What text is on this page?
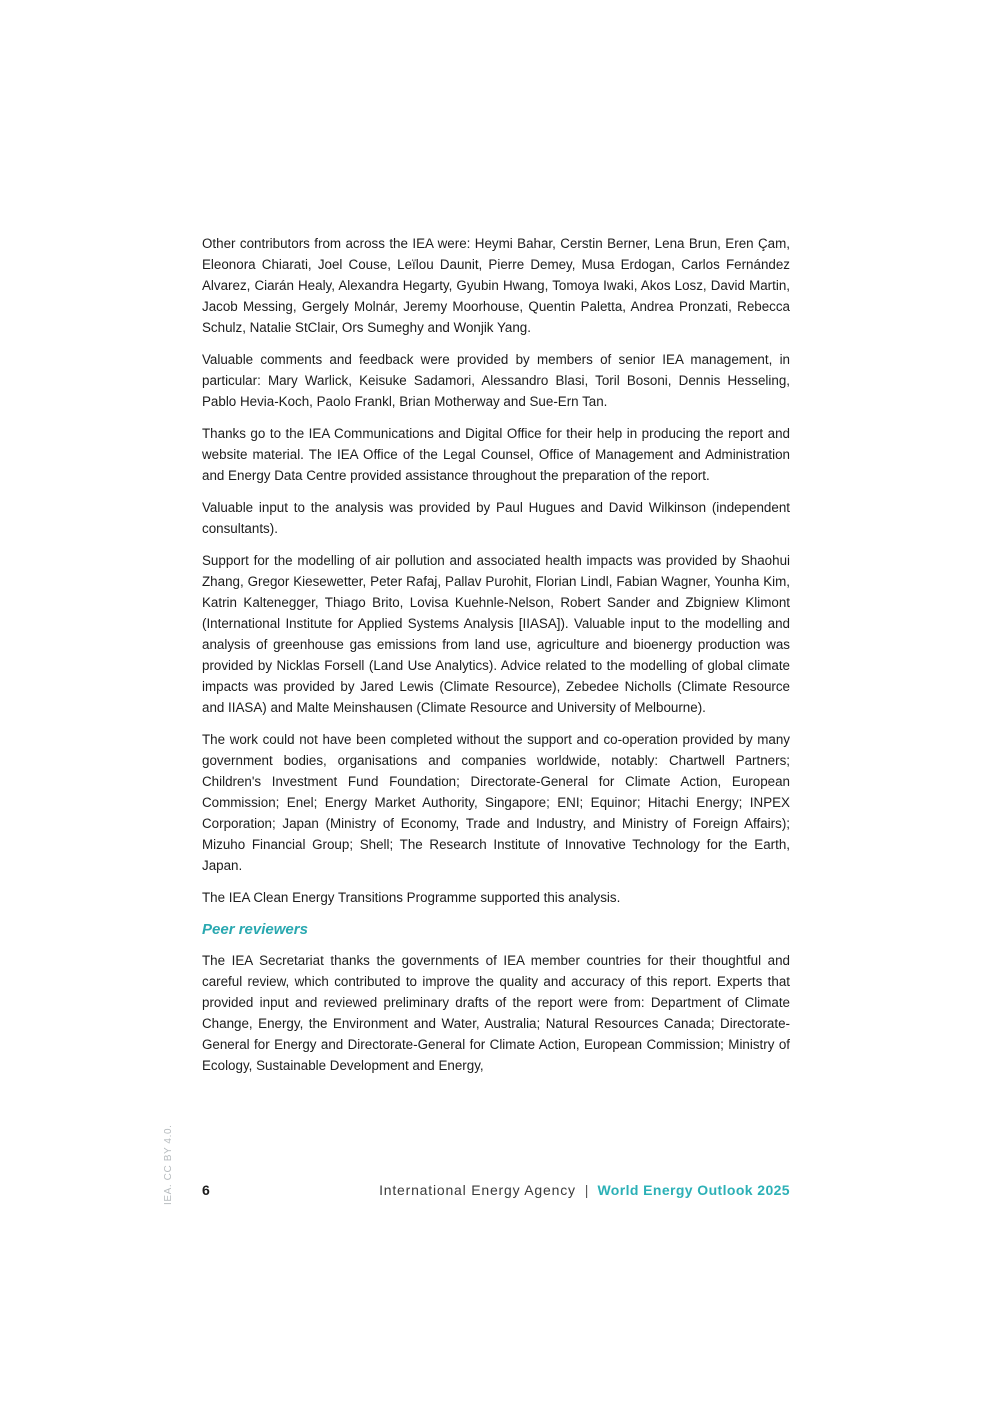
IEA. CC BY 4.0.

Other contributors from across the IEA were: Heymi Bahar, Cerstin Berner, Lena Brun, Eren Çam, Eleonora Chiarati, Joel Couse, Leïlou Daunit, Pierre Demey, Musa Erdogan, Carlos Fernández Alvarez, Ciarán Healy, Alexandra Hegarty, Gyubin Hwang, Tomoya Iwaki, Akos Losz, David Martin, Jacob Messing, Gergely Molnár, Jeremy Moorhouse, Quentin Paletta, Andrea Pronzati, Rebecca Schulz, Natalie StClair, Ors Sumeghy and Wonjik Yang.

Valuable comments and feedback were provided by members of senior IEA management, in particular: Mary Warlick, Keisuke Sadamori, Alessandro Blasi, Toril Bosoni, Dennis Hesseling, Pablo Hevia-Koch, Paolo Frankl, Brian Motherway and Sue-Ern Tan.

Thanks go to the IEA Communications and Digital Office for their help in producing the report and website material. The IEA Office of the Legal Counsel, Office of Management and Administration and Energy Data Centre provided assistance throughout the preparation of the report.

Valuable input to the analysis was provided by Paul Hugues and David Wilkinson (independent consultants).

Support for the modelling of air pollution and associated health impacts was provided by Shaohui Zhang, Gregor Kiesewetter, Peter Rafaj, Pallav Purohit, Florian Lindl, Fabian Wagner, Younha Kim, Katrin Kaltenegger, Thiago Brito, Lovisa Kuehnle-Nelson, Robert Sander and Zbigniew Klimont (International Institute for Applied Systems Analysis [IIASA]). Valuable input to the modelling and analysis of greenhouse gas emissions from land use, agriculture and bioenergy production was provided by Nicklas Forsell (Land Use Analytics). Advice related to the modelling of global climate impacts was provided by Jared Lewis (Climate Resource), Zebedee Nicholls (Climate Resource and IIASA) and Malte Meinshausen (Climate Resource and University of Melbourne).

The work could not have been completed without the support and co-operation provided by many government bodies, organisations and companies worldwide, notably: Chartwell Partners; Children's Investment Fund Foundation; Directorate-General for Climate Action, European Commission; Enel; Energy Market Authority, Singapore; ENI; Equinor; Hitachi Energy; INPEX Corporation; Japan (Ministry of Economy, Trade and Industry, and Ministry of Foreign Affairs); Mizuho Financial Group; Shell; The Research Institute of Innovative Technology for the Earth, Japan.

The IEA Clean Energy Transitions Programme supported this analysis.

Peer reviewers

The IEA Secretariat thanks the governments of IEA member countries for their thoughtful and careful review, which contributed to improve the quality and accuracy of this report. Experts that provided input and reviewed preliminary drafts of the report were from: Department of Climate Change, Energy, the Environment and Water, Australia; Natural Resources Canada; Directorate-General for Energy and Directorate-General for Climate Action, European Commission; Ministry of Ecology, Sustainable Development and Energy,

6	International Energy Agency | World Energy Outlook 2025
